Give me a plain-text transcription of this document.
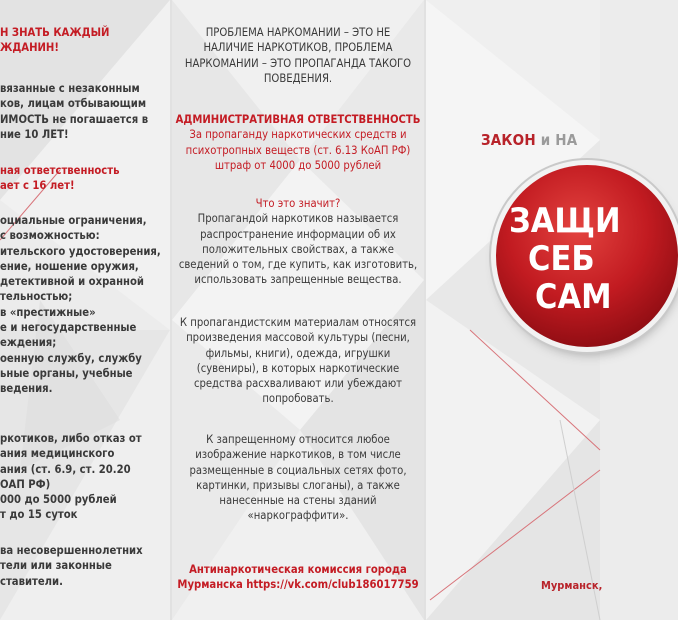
Н ЗНАТЬ КАЖДЫЙ
ЖДАНИН!
вязанные с незаконным
ков, лицам отбывающим
ИМОСТЬ не погашается в
ние 10 ЛЕТ!
ная ответственность
ает с 16 лет!
оциальные ограничения,
с возможностью:
ительского удостоверения,
ение, ношение оружия,
детективной и охранной
тельностью;
в «престижные»
е и негосударственные
еждения;
оенную службу, службу
ьные органы, учебные
ведения.
ркотиков, либо отказ от
ания медицинского
ания (ст. 6.9, ст. 20.20
ОАП РФ)
000 до 5000 рублей
т до 15 суток
ва несовершеннолетних
тели или законные
ставители.
ПРОБЛЕМА НАРКОМАНИИ – ЭТО НЕ
НАЛИЧИЕ НАРКОТИКОВ, ПРОБЛЕМА
НАРКОМАНИИ – ЭТО ПРОПАГАНДА ТАКОГО
ПОВЕДЕНИЯ.
АДМИНИСТРАТИВНАЯ ОТВЕТСТВЕННОСТЬ
За пропаганду наркотических средств и
психотропных веществ (ст. 6.13 КоАП РФ)
штраф от 4000 до 5000 рублей
Что это значит?
Пропагандой наркотиков называется
распространение информации об их
положительных свойствах, а также
сведений о том, где купить, как изготовить,
использовать запрещенные вещества.
К пропагандистским материалам относятся
произведения массовой культуры (песни,
фильмы, книги), одежда, игрушки
(сувениры), в которых наркотические
средства расхваливают или убеждают
попробовать.
К запрещенному относится любое
изображение наркотиков, в том числе
размещенные в социальных сетях фото,
картинки, призывы слоганы), а также
нанесенные на стены зданий
«наркограффити».
Антинаркотическая комиссия города
Мурманска https://vk.com/club186017759
ЗАКОН и НА
ЗАЩИ
СЕБ
САМ
Мурманск,
